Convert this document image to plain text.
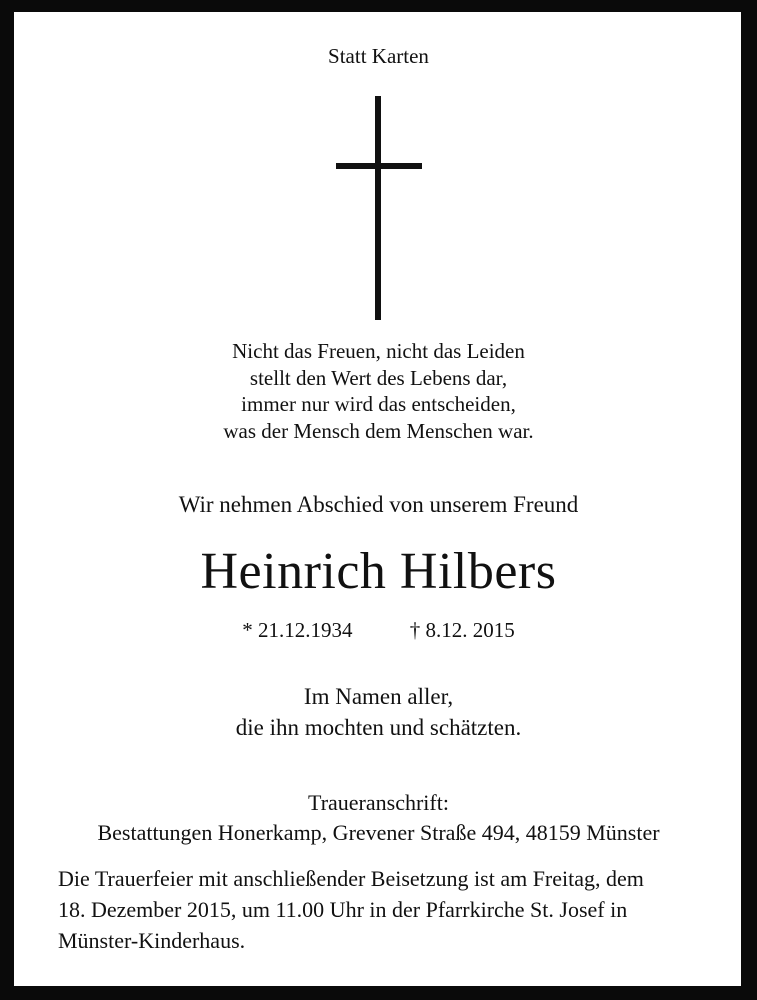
Statt Karten
Nicht das Freuen, nicht das Leiden
stellt den Wert des Lebens dar,
immer nur wird das entscheiden,
was der Mensch dem Menschen war.
Wir nehmen Abschied von unserem Freund
Heinrich Hilbers
* 21.12.1934	† 8.12. 2015
Im Namen aller,
die ihn mochten und schätzten.
Traueranschrift:
Bestattungen Honerkamp, Grevener Straße 494, 48159 Münster
Die Trauerfeier mit anschließender Beisetzung ist am Freitag, dem
18. Dezember 2015, um 11.00 Uhr in der Pfarrkirche St. Josef in
Münster-Kinderhaus.
